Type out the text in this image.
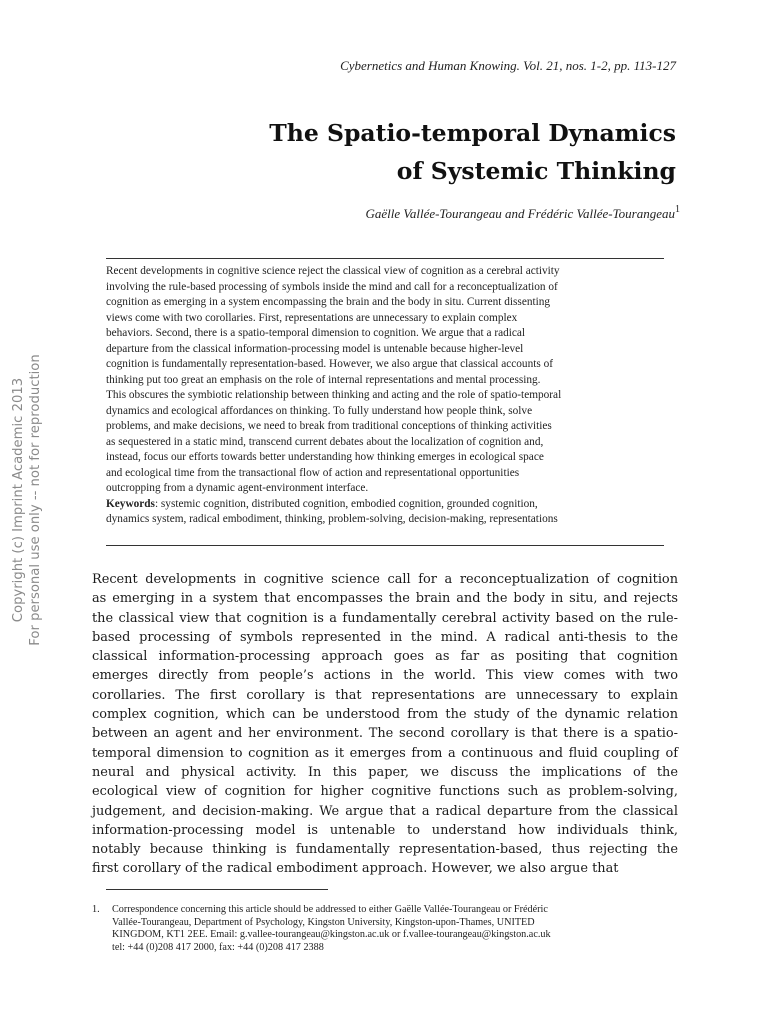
Cybernetics and Human Knowing. Vol. 21, nos. 1-2, pp. 113-127
The Spatio-temporal Dynamics
of Systemic Thinking
Gaëlle Vallée-Tourangeau and Frédéric Vallée-Tourangeau$^1$
Recent developments in cognitive science reject the classical view of cognition as a cerebral activity
involving the rule-based processing of symbols inside the mind and call for a reconceptualization of
cognition as emerging in a system encompassing the brain and the body in situ. Current dissenting
views come with two corollaries. First, representations are unnecessary to explain complex
behaviors. Second, there is a spatio-temporal dimension to cognition. We argue that a radical
departure from the classical information-processing model is untenable because higher-level
cognition is fundamentally representation-based. However, we also argue that classical accounts of
thinking put too great an emphasis on the role of internal representations and mental processing.
This obscures the symbiotic relationship between thinking and acting and the role of spatio-temporal
dynamics and ecological affordances on thinking. To fully understand how people think, solve
problems, and make decisions, we need to break from traditional conceptions of thinking activities
as sequestered in a static mind, transcend current debates about the localization of cognition and,
instead, focus our efforts towards better understanding how thinking emerges in ecological space
and ecological time from the transactional flow of action and representational opportunities
outcropping from a dynamic agent-environment interface.
Keywords: systemic cognition, distributed cognition, embodied cognition, grounded cognition,
dynamics system, radical embodiment, thinking, problem-solving, decision-making, representations
Copyright (c) Imprint Academic 2013 For personal use only -- not for reproduction	Recent developments in cognitive science call for a reconceptualization of cognition
as emerging in a system that encompasses the brain and the body in situ, and rejects
the classical view that cognition is a fundamentally cerebral activity based on the rule-
based processing of symbols represented in the mind. A radical anti-thesis to the
classical information-processing approach goes as far as positing that cognition
emerges directly from people’s actions in the world. This view comes with two
corollaries. The first corollary is that representations are unnecessary to explain
complex cognition, which can be understood from the study of the dynamic relation
between an agent and her environment. The second corollary is that there is a spatio-
temporal dimension to cognition as it emerges from a continuous and fluid coupling of
neural and physical activity. In this paper, we discuss the implications of the
ecological view of cognition for higher cognitive functions such as problem-solving,
judgement, and decision-making. We argue that a radical departure from the classical
information-processing model is untenable to understand how individuals think,
notably because thinking is fundamentally representation-based, thus rejecting the
first corollary of the radical embodiment approach. However, we also argue that
1. Correspondence concerning this article should be addressed to either Gaëlle Vallée-Tourangeau or Frédéric
Vallée-Tourangeau, Department of Psychology, Kingston University, Kingston-upon-Thames, UNITED
KINGDOM, KT1 2EE. Email: g.vallee-tourangeau@kingston.ac.uk or f.vallee-tourangeau@kingston.ac.uk
tel: +44 (0)208 417 2000, fax: +44 (0)208 417 2388
